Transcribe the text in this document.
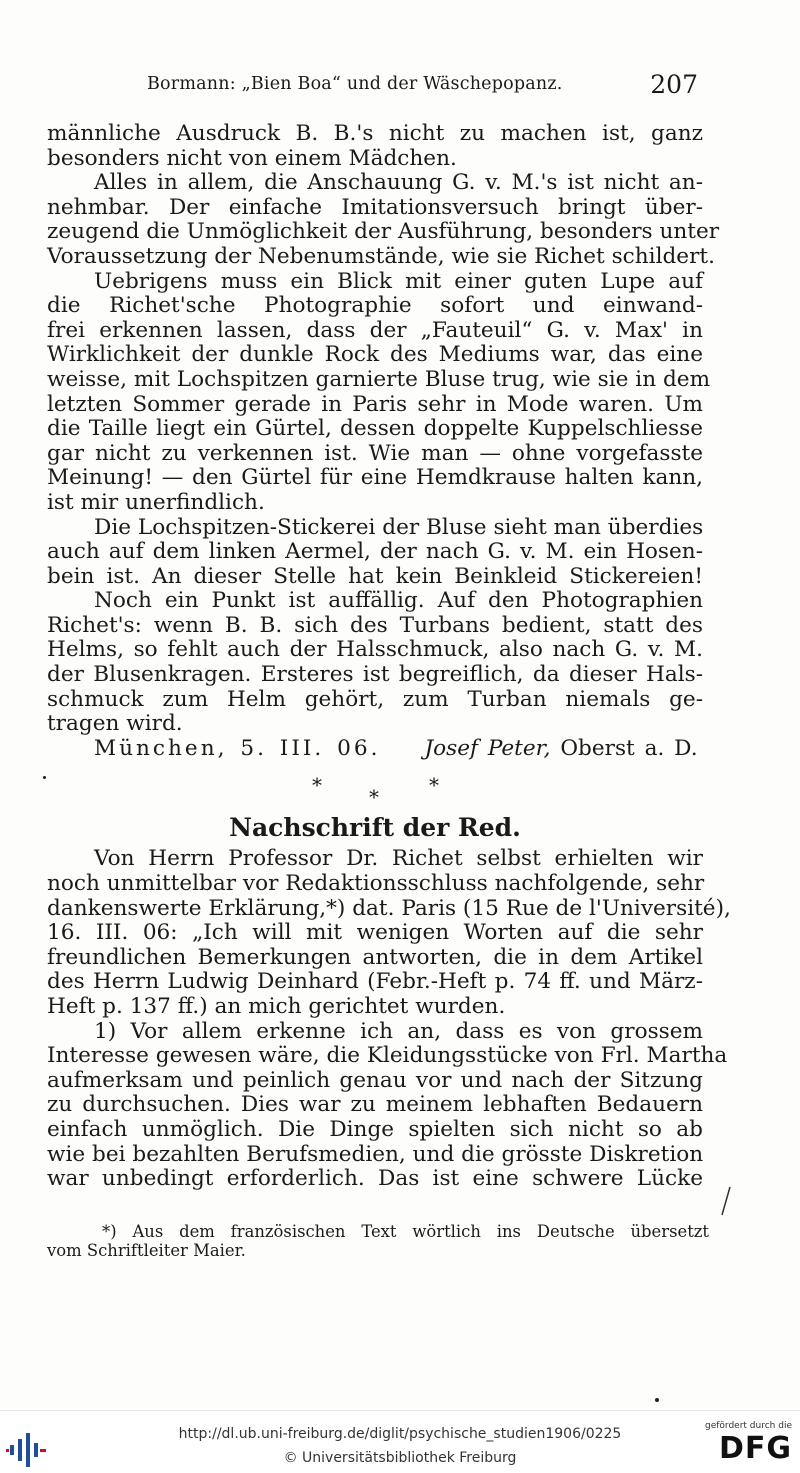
Bormann: „Bien Boa“ und der Wäschepopanz.	207
männliche Ausdruck B. B.'s nicht zu machen ist, ganz
besonders nicht von einem Mädchen.
Alles in allem, die Anschauung G. v. M.'s ist nicht an-
nehmbar. Der einfache Imitationsversuch bringt über-
zeugend die Unmöglichkeit der Ausführung, besonders unter
Voraussetzung der Nebenumstände, wie sie Richet schildert.
Uebrigens muss ein Blick mit einer guten Lupe auf
die Richet'sche Photographie sofort und einwand-
frei erkennen lassen, dass der „Fauteuil“ G. v. Max' in
Wirklichkeit der dunkle Rock des Mediums war, das eine
weisse, mit Lochspitzen garnierte Bluse trug, wie sie in dem
letzten Sommer gerade in Paris sehr in Mode waren. Um
die Taille liegt ein Gürtel, dessen doppelte Kuppelschliesse
gar nicht zu verkennen ist. Wie man — ohne vorgefasste
Meinung! — den Gürtel für eine Hemdkrause halten kann,
ist mir unerfindlich.
Die Lochspitzen-Stickerei der Bluse sieht man überdies
auch auf dem linken Aermel, der nach G. v. M. ein Hosen-
bein ist. An dieser Stelle hat kein Beinkleid Stickereien!
Noch ein Punkt ist auffällig. Auf den Photographien
Richet's: wenn B. B. sich des Turbans bedient, statt des
Helms, so fehlt auch der Halsschmuck, also nach G. v. M.
der Blusenkragen. Ersteres ist begreiflich, da dieser Hals-
schmuck zum Helm gehört, zum Turban niemals ge-
tragen wird.
München, 5. III. 06. Josef Peter, Oberst a. D.
* *	*
Nachschrift der Red.
Von Herrn Professor Dr. Richet selbst erhielten wir
noch unmittelbar vor Redaktionsschluss nachfolgende, sehr
dankenswerte Erklärung,*) dat. Paris (15 Rue de l'Université),
16. III. 06: „Ich will mit wenigen Worten auf die sehr
freundlichen Bemerkungen antworten, die in dem Artikel
des Herrn Ludwig Deinhard (Febr.-Heft p. 74 ff. und März-
Heft p. 137 ff.) an mich gerichtet wurden.
1) Vor allem erkenne ich an, dass es von grossem
Interesse gewesen wäre, die Kleidungsstücke von Frl. Martha
aufmerksam und peinlich genau vor und nach der Sitzung
zu durchsuchen. Dies war zu meinem lebhaften Bedauern
einfach unmöglich. Die Dinge spielten sich nicht so ab
wie bei bezahlten Berufsmedien, und die grösste Diskretion
war unbedingt erforderlich. Das ist eine schwere Lücke
*) Aus dem französischen Text wörtlich ins Deutsche übersetzt
vom Schriftleiter Maier.
http://dl.ub.uni-freiburg.de/diglit/psychische_studien1906/0225
© Universitätsbibliothek Freiburg
gefördert durch die
DFG
